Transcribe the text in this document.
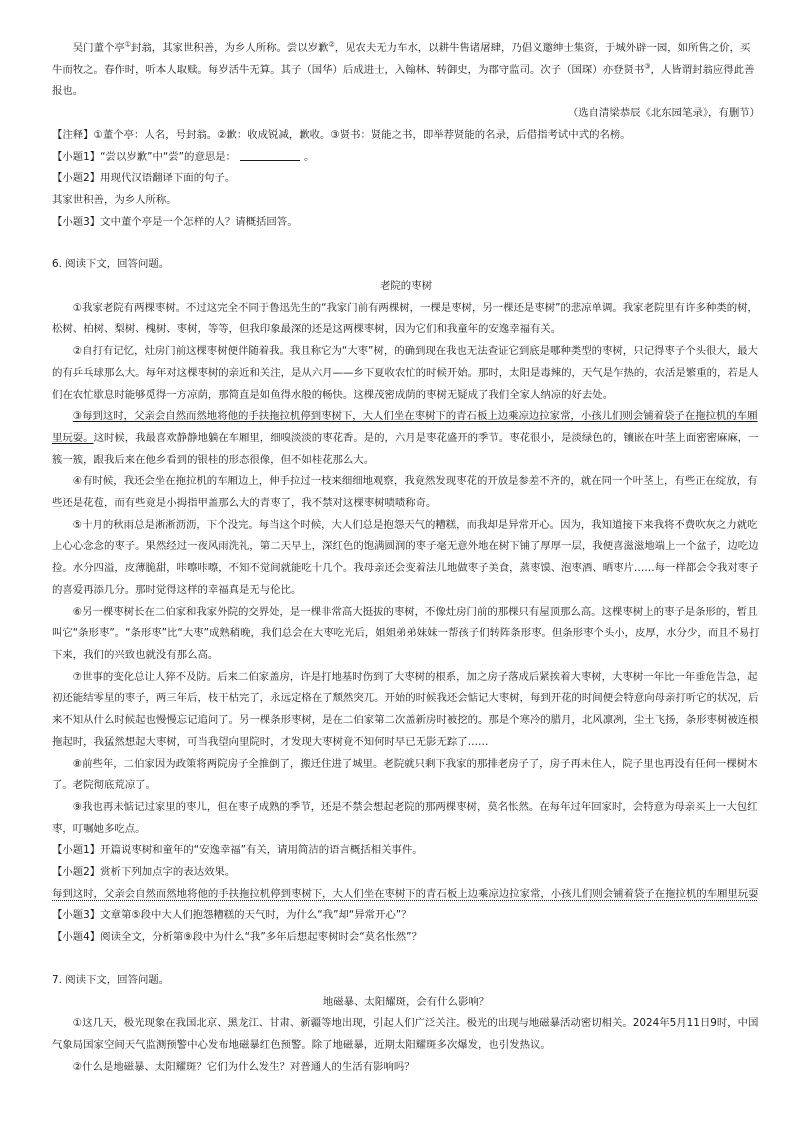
吴门董个亭①封翁，其家世积善，为乡人所称。尝以岁歉②，见农夫无力车水，以耕牛售诸屠肆，乃倡义邀绅士集资，于城外辟一园，如所售之价，买牛而牧之。春作时，听本人取赎。每岁活牛无算。其子（国华）后成进士，入翰林、转御史，为郡守监司。次子（国琛）亦登贤书③，人皆谓封翁应得此善报也。

（选自清梁恭辰《北东园笔录》，有删节）

【注释】①董个亭：人名，号封翁。②歉：收成锐减，歉收。③贤书：贤能之书，即举荐贤能的名录，后借指考试中式的名榜。

【小题1】“尝以岁歉”中“尝”的意思是：	。

【小题2】用现代汉语翻译下面的句子。

其家世积善，为乡人所称。

【小题3】文中董个亭是一个怎样的人？请概括回答。

6. 阅读下文，回答问题。

老院的枣树

①我家老院有两棵枣树。不过这完全不同于鲁迅先生的“我家门前有两棵树，一棵是枣树，另一棵还是枣树”的悲凉单调。我家老院里有许多种类的树，松树、柏树、梨树、槐树、枣树，等等，但我印象最深的还是这两棵枣树，因为它们和我童年的安逸幸福有关。

②自打有记忆，灶房门前这棵枣树便伴随着我。我且称它为“大枣”树，的确到现在我也无法查证它到底是哪种类型的枣树，只记得枣子个头很大，最大的有乒乓球那么大。每年对这棵枣树的亲近和关注，是从六月——乡下夏收农忙的时候开始。那时，太阳是毒辣的，天气是乍热的，农活是繁重的，若是人们在农忙歇息时能够觅得一方凉荫，那简直是如鱼得水般的畅快。这棵茂密成荫的枣树无疑成了我们全家人纳凉的好去处。

③每到这时，父亲会自然而然地将他的手扶拖拉机停到枣树下，大人们坐在枣树下的青石板上边乘凉边拉家常，小孩儿们则会铺着袋子在拖拉机的车厢里玩耍。这时候，我最喜欢静静地躺在车厢里，细嗅淡淡的枣花香。是的，六月是枣花盛开的季节。枣花很小，是淡绿色的，镶嵌在叶茎上面密密麻麻，一簇一簇，跟我后来在他乡看到的银桂的形态很像，但不如桂花那么大。

④有时候，我还会坐在拖拉机的车厢边上，伸手拉过一枝来细细地观察，我竟然发现枣花的开放是参差不齐的，就在同一个叶茎上，有些正在绽放，有些还是花苞，而有些竟是小拇指甲盖那么大的青枣了，我不禁对这棵枣树啧啧称奇。

⑤十月的秋雨总是淅淅沥沥，下个没完。每当这个时候，大人们总是抱怨天气的糟糕，而我却是异常开心。因为，我知道接下来我将不费吹灰之力就吃上心心念念的枣子。果然经过一夜风雨洗礼，第二天早上，深红色的饱满圆润的枣子毫无意外地在树下铺了厚厚一层，我便喜滋滋地端上一个盆子，边吃边捡。水分四溢，皮薄脆甜，咔嚓咔嚓，不知不觉间就能吃十几个。我母亲还会变着法儿地做枣子美食，蒸枣馍、泡枣酒、晒枣片……每一样都会令我对枣子的喜爱再添几分。那时觉得这样的幸福真是无与伦比。

⑥另一棵枣树长在二伯家和我家外院的交界处，是一棵非常高大挺拔的枣树，不像灶房门前的那棵只有屋顶那么高。这棵枣树上的枣子是条形的，暂且叫它“条形枣”。“条形枣”比“大枣”成熟稍晚，我们总会在大枣吃光后，姐姐弟弟妹妹一帮孩子们转阵条形枣。但条形枣个头小，皮厚，水分少，而且不易打下来，我们的兴致也就没有那么高。

⑦世事的变化总让人猝不及防。后来二伯家盖房，许是打地基时伤到了大枣树的根系，加之房子落成后紧挨着大枣树，大枣树一年比一年垂危告急，起初还能结零星的枣子，两三年后，枝干枯完了，永远定格在了颓然突兀。开始的时候我还会惦记大枣树，每到开花的时间便会特意向母亲打听它的状况，后来不知从什么时候起也慢慢忘记追问了。另一棵条形枣树，是在二伯家第二次盖新房时被挖的。那是个寒冷的腊月，北风凛冽，尘土飞扬，条形枣树被连根拖起时，我猛然想起大枣树，可当我望向里院时，才发现大枣树竟不知何时早已无影无踪了……

⑧前些年，二伯家因为政策将两院房子全推倒了，搬迁住进了城里。老院就只剩下我家的那排老房子了，房子再未住人，院子里也再没有任何一棵树木了。老院彻底荒凉了。

⑨我也再未惦记过家里的枣儿，但在枣子成熟的季节，还是不禁会想起老院的那两棵枣树，莫名怅然。在每年过年回家时，会特意为母亲买上一大包红枣，叮嘱她多吃点。

【小题1】开篇说枣树和童年的“安逸幸福”有关，请用简洁的语言概括相关事件。

【小题2】赏析下列加点字的表达效果。

每到这时，父亲会自然而然地将他的手扶拖拉机停到枣树下，大人们坐在枣树下的青石板上边乘凉边拉家常，小孩儿们则会铺着袋子在拖拉机的车厢里玩耍

【小题3】文章第⑤段中大人们抱怨糟糕的天气时，为什么“我”却“异常开心”？

【小题4】阅读全文，分析第⑨段中为什么“我”多年后想起枣树时会“莫名怅然”？

7. 阅读下文，回答问题。

地磁暴、太阳耀斑，会有什么影响？

①这几天，极光现象在我国北京、黑龙江、甘肃、新疆等地出现，引起人们广泛关注。极光的出现与地磁暴活动密切相关。2024年5月11日9时，中国气象局国家空间天气监测预警中心发布地磁暴红色预警。除了地磁暴，近期太阳耀斑多次爆发，也引发热议。

②什么是地磁暴、太阳耀斑？它们为什么发生？对普通人的生活有影响吗？
